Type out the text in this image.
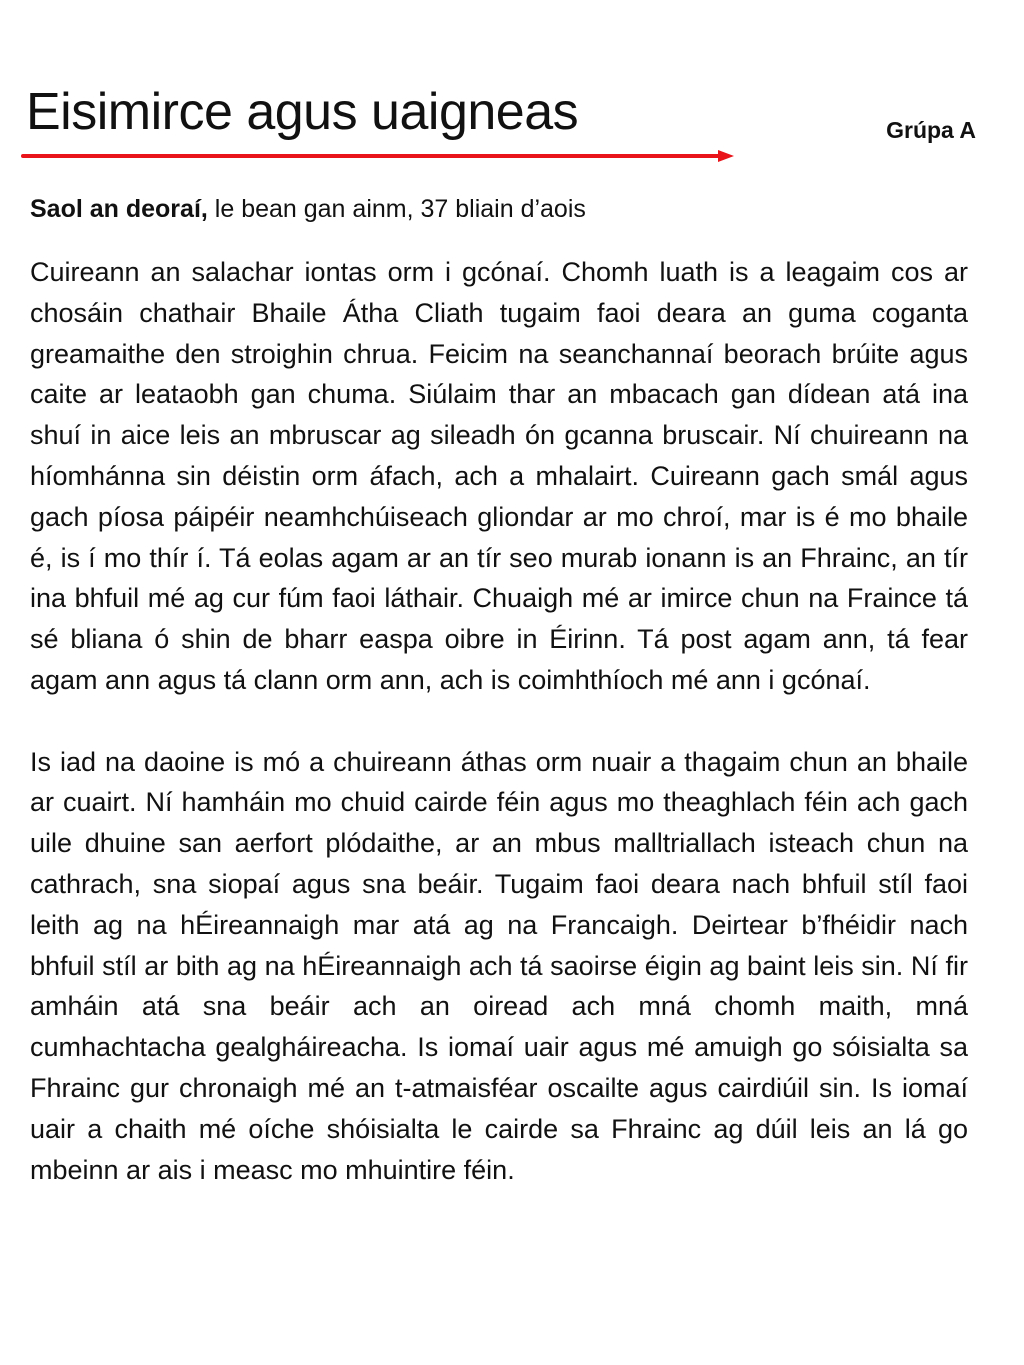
Eisimirce agus uaigneas	Grúpa A

Saol an deoraí, le bean gan ainm, 37 bliain d’aois

Cuireann an salachar iontas orm i gcónaí. Chomh luath is a leagaim cos ar chosáin chathair Bhaile Átha Cliath tugaim faoi deara an guma coganta greamaithe den stroighin chrua. Feicim na seanchannaí beorach brúite agus caite ar leataobh gan chuma. Siúlaim thar an mbacach gan dídean atá ina shuí in aice leis an mbruscar ag sileadh ón gcanna bruscair. Ní chuireann na híomhánna sin déistin orm áfach, ach a mhalairt. Cuireann gach smál agus gach píosa páipéir neamhchúiseach gliondar ar mo chroí, mar is é mo bhaile é, is í mo thír í. Tá eolas agam ar an tír seo murab ionann is an Fhrainc, an tír ina bhfuil mé ag cur fúm faoi láthair. Chuaigh mé ar imirce chun na Fraince tá sé bliana ó shin de bharr easpa oibre in Éirinn. Tá post agam ann, tá fear agam ann agus tá clann orm ann, ach is coimhthíoch mé ann i gcónaí.

Is iad na daoine is mó a chuireann áthas orm nuair a thagaim chun an bhaile ar cuairt. Ní hamháin mo chuid cairde féin agus mo theaghlach féin ach gach uile dhuine san aerfort plódaithe, ar an mbus malltriallach isteach chun na cathrach, sna siopaí agus sna beáir. Tugaim faoi deara nach bhfuil stíl faoi leith ag na hÉireannaigh mar atá ag na Francaigh. Deirtear b’fhéidir nach bhfuil stíl ar bith ag na hÉireannaigh ach tá saoirse éigin ag baint leis sin. Ní fir amháin atá sna beáir ach an oiread ach mná chomh maith, mná cumhachtacha gealgháireacha. Is iomaí uair agus mé amuigh go sóisialta sa Fhrainc gur chronaigh mé an t-atmaisféar oscailte agus cairdiúil sin. Is iomaí uair a chaith mé oíche shóisialta le cairde sa Fhrainc ag dúil leis an lá go mbeinn ar ais i measc mo mhuintire féin.
